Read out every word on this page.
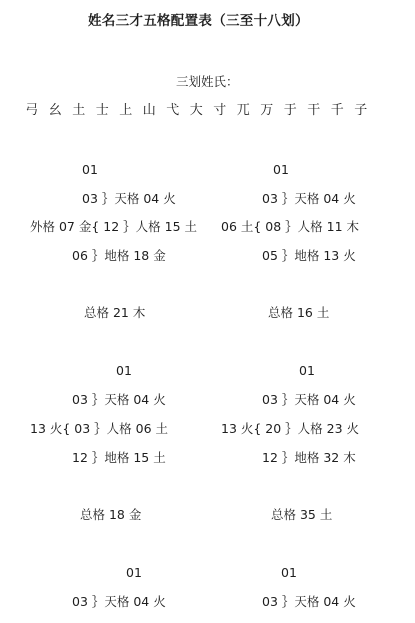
姓名三才五格配置表（三至十八划）
三划姓氏：
弓 幺 土 士 上 山 弋 大 寸 兀 万 于 干 千 子
01
03 ｝天格 04 火
外格 07 金{ 12 ｝人格 15 土
06 ｝地格 18 金
总格 21 木
01
03 ｝天格 04 火
06 土{ 08 ｝人格 11 木
05 ｝地格 13 火
总格 16 土
01
03 ｝天格 04 火
13 火{ 03 ｝人格 06 土
12 ｝地格 15 土
总格 18 金
01
03 ｝天格 04 火
13 火{ 20 ｝人格 23 火
12 ｝地格 32 木
总格 35 土
01
03 ｝天格 04 火
01
03 ｝天格 04 火
